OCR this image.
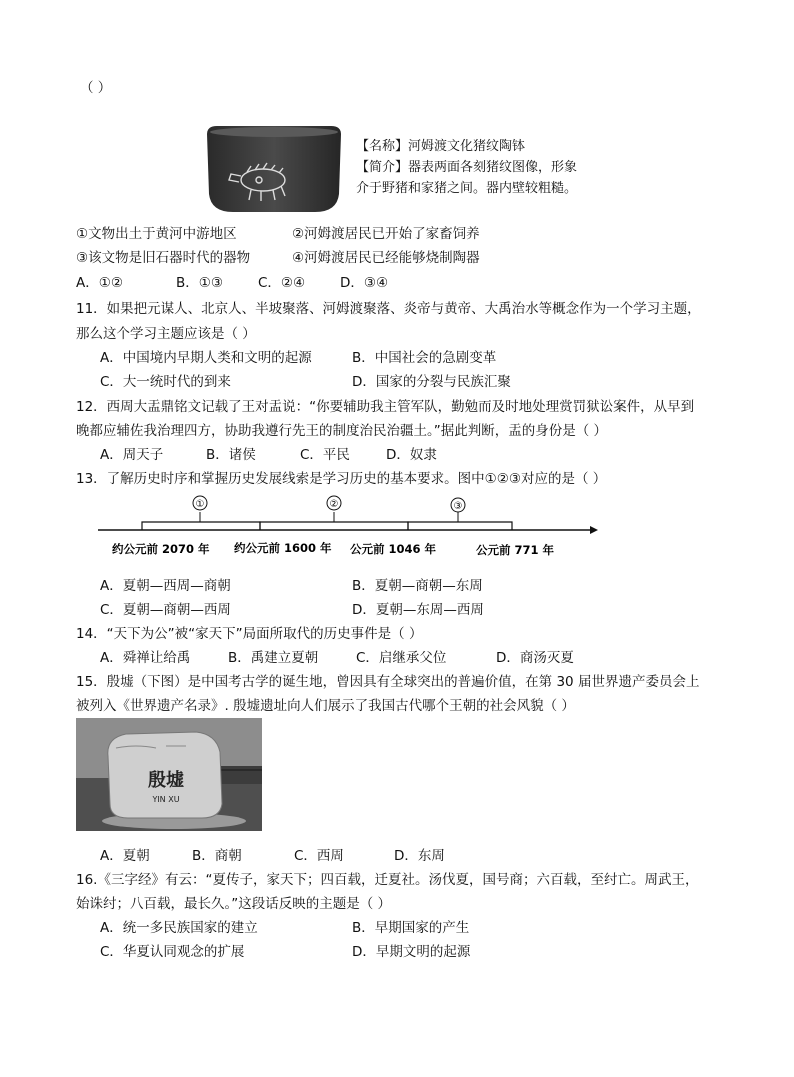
（ ）
【名称】河姆渡文化猪纹陶钵
【简介】器表两面各刻猪纹图像，形象
介于野猪和家猪之间。器内壁较粗糙。
①文物出土于黄河中游地区	②河姆渡居民已开始了家畜饲养
③该文物是旧石器时代的器物	④河姆渡居民已经能够烧制陶器
A．①②	B．①③	C．②④	D．③④
11．如果把元谋人、北京人、半坡聚落、河姆渡聚落、炎帝与黄帝、大禹治水等概念作为一个学习主题，
那么这个学习主题应该是（ ）
A．中国境内早期人类和文明的起源	B．中国社会的急剧变革
C．大一统时代的到来	D．国家的分裂与民族汇聚
12．西周大盂鼎铭文记载了王对盂说：“你要辅助我主管军队，勤勉而及时地处理赏罚狱讼案件，从早到
晚都应辅佐我治理四方，协助我遵行先王的制度治民治疆土。”据此判断，盂的身份是（ ）
A．周天子	B．诸侯	C．平民	D．奴隶
13．了解历史时序和掌握历史发展线索是学习历史的基本要求。图中①②③对应的是（ ）
①	②	③
约公元前 2070 年 约公元前 1600 年 公元前 1046 年	公元前 771 年
A．夏朝—西周—商朝	B．夏朝—商朝—东周
C．夏朝—商朝—西周	D．夏朝—东周—西周
14．“天下为公”被“家天下”局面所取代的历史事件是（ ）
A．舜禅让给禹	B．禹建立夏朝	C．启继承父位	D．商汤灭夏
15．殷墟（下图）是中国考古学的诞生地，曾因具有全球突出的普遍价值，在第 30 届世界遗产委员会上
被列入《世界遗产名录》. 殷墟遗址向人们展示了我国古代哪个王朝的社会风貌（ ）
殷墟
YIN XU
A．夏朝	B．商朝	C．西周	D．东周
16.《三字经》有云：“夏传子，家天下；四百载，迁夏社。汤伐夏，国号商；六百载，至纣亡。周武王，
始诛纣；八百载，最长久。”这段话反映的主题是（ ）
A．统一多民族国家的建立	B．早期国家的产生
C．华夏认同观念的扩展	D．早期文明的起源
